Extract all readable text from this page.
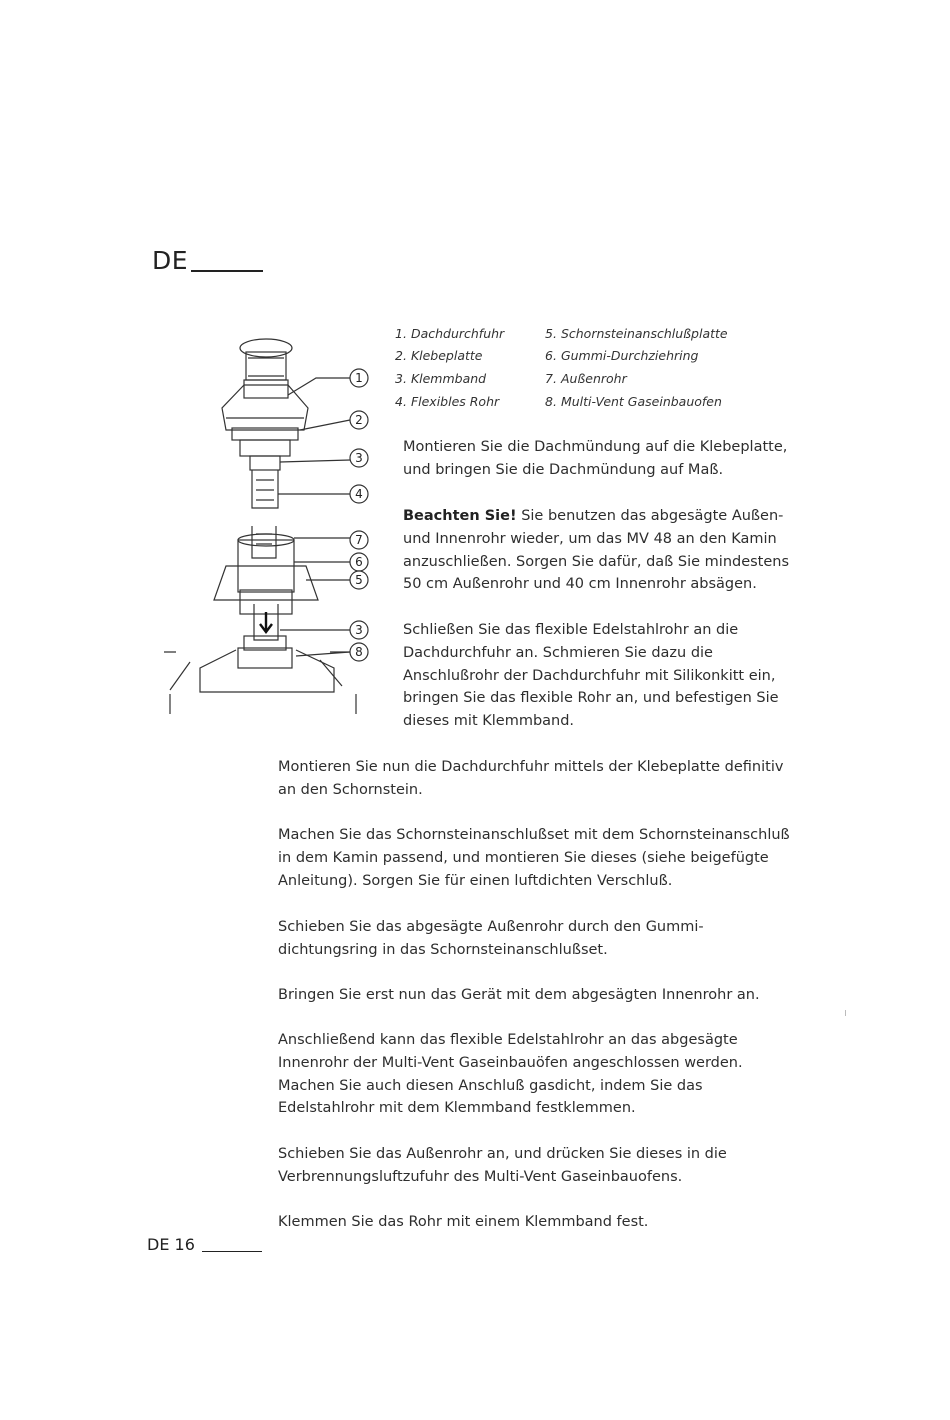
DE
1
2
3
4
7
6
5
3
8
1. Dachdurchfuhr
2. Klebeplatte
3. Klemmband
4. Flexibles Rohr
5. Schornsteinanschlußplatte
6. Gummi-Durchziehring
7. Außenrohr
8. Multi-Vent Gaseinbauofen

Montieren Sie die Dachmündung auf die Klebeplatte,
und bringen Sie die Dachmündung auf Maß.

Beachten Sie! Sie benutzen das abgesägte Außen-
und Innenrohr wieder, um das MV 48 an den Kamin
anzuschließen. Sorgen Sie dafür, daß Sie mindestens
50 cm Außenrohr und 40 cm Innenrohr absägen.

Schließen Sie das flexible Edelstahlrohr an die
Dachdurchfuhr an. Schmieren Sie dazu die
Anschlußrohr der Dachdurchfuhr mit Silikonkitt ein,
bringen Sie das flexible Rohr an, und befestigen Sie
dieses mit Klemmband.

Montieren Sie nun die Dachdurchfuhr mittels der Klebeplatte definitiv
an den Schornstein.

Machen Sie das Schornsteinanschlußset mit dem Schornsteinanschluß
in dem Kamin passend, und montieren Sie dieses (siehe beigefügte
Anleitung). Sorgen Sie für einen luftdichten Verschluß.

Schieben Sie das abgesägte Außenrohr durch den Gummi-
dichtungsring in das Schornsteinanschlußset.

Bringen Sie erst nun das Gerät mit dem abgesägten Innenrohr an.

Anschließend kann das flexible Edelstahlrohr an das abgesägte
Innenrohr der Multi-Vent Gaseinbauöfen angeschlossen werden.
Machen Sie auch diesen Anschluß gasdicht, indem Sie das
Edelstahlrohr mit dem Klemmband festklemmen.

Schieben Sie das Außenrohr an, und drücken Sie dieses in die
Verbrennungsluftzufuhr des Multi-Vent Gaseinbauofens.

Klemmen Sie das Rohr mit einem Klemmband fest.

DE 16
